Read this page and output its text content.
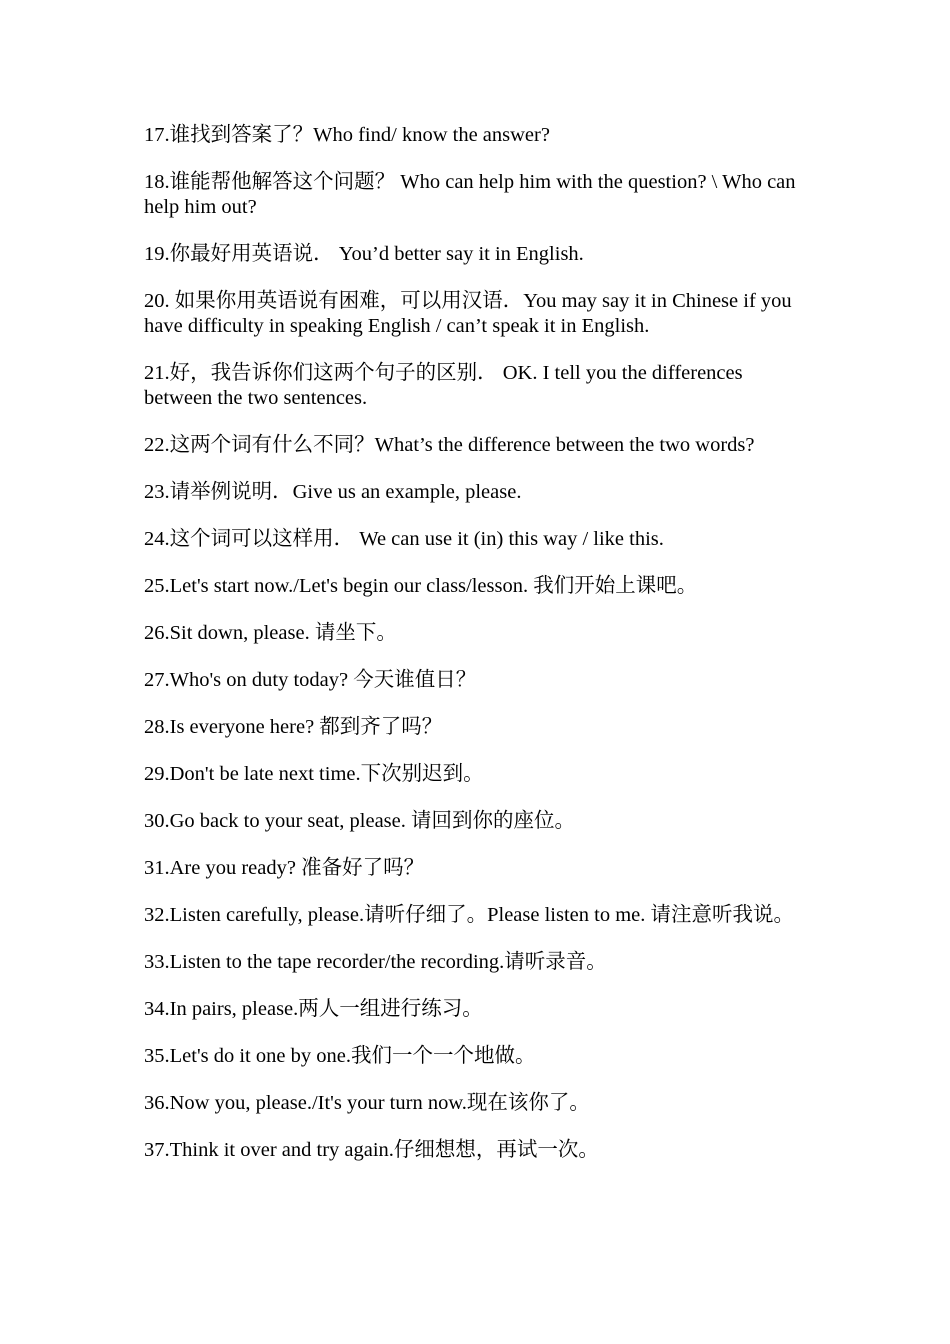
17.谁找到答案了？Who find/ know the answer?

18.谁能帮他解答这个问题？ Who can help him with the question? \ Who can help him out?

19.你最好用英语说． You’d better say it in English.

20. 如果你用英语说有困难，可以用汉语．You may say it in Chinese if you have difficulty in speaking English / can’t speak it in English.

21.好，我告诉你们这两个句子的区别． OK. I tell you the differences between the two sentences.

22.这两个词有什么不同？What’s the difference between the two words?

23.请举例说明．Give us an example, please.

24.这个词可以这样用． We can use it (in) this way / like this.

25.Let's start now./Let's begin our class/lesson. 我们开始上课吧。

26.Sit down, please. 请坐下。

27.Who's on duty today? 今天谁值日？

28.Is everyone here? 都到齐了吗？

29.Don't be late next time.下次别迟到。

30.Go back to your seat, please. 请回到你的座位。

31.Are you ready? 准备好了吗？

32.Listen carefully, please.请听仔细了。Please listen to me. 请注意听我说。

33.Listen to the tape recorder/the recording.请听录音。

34.In pairs, please.两人一组进行练习。

35.Let's do it one by one.我们一个一个地做。

36.Now you, please./It's your turn now.现在该你了。

37.Think it over and try again.仔细想想，再试一次。
